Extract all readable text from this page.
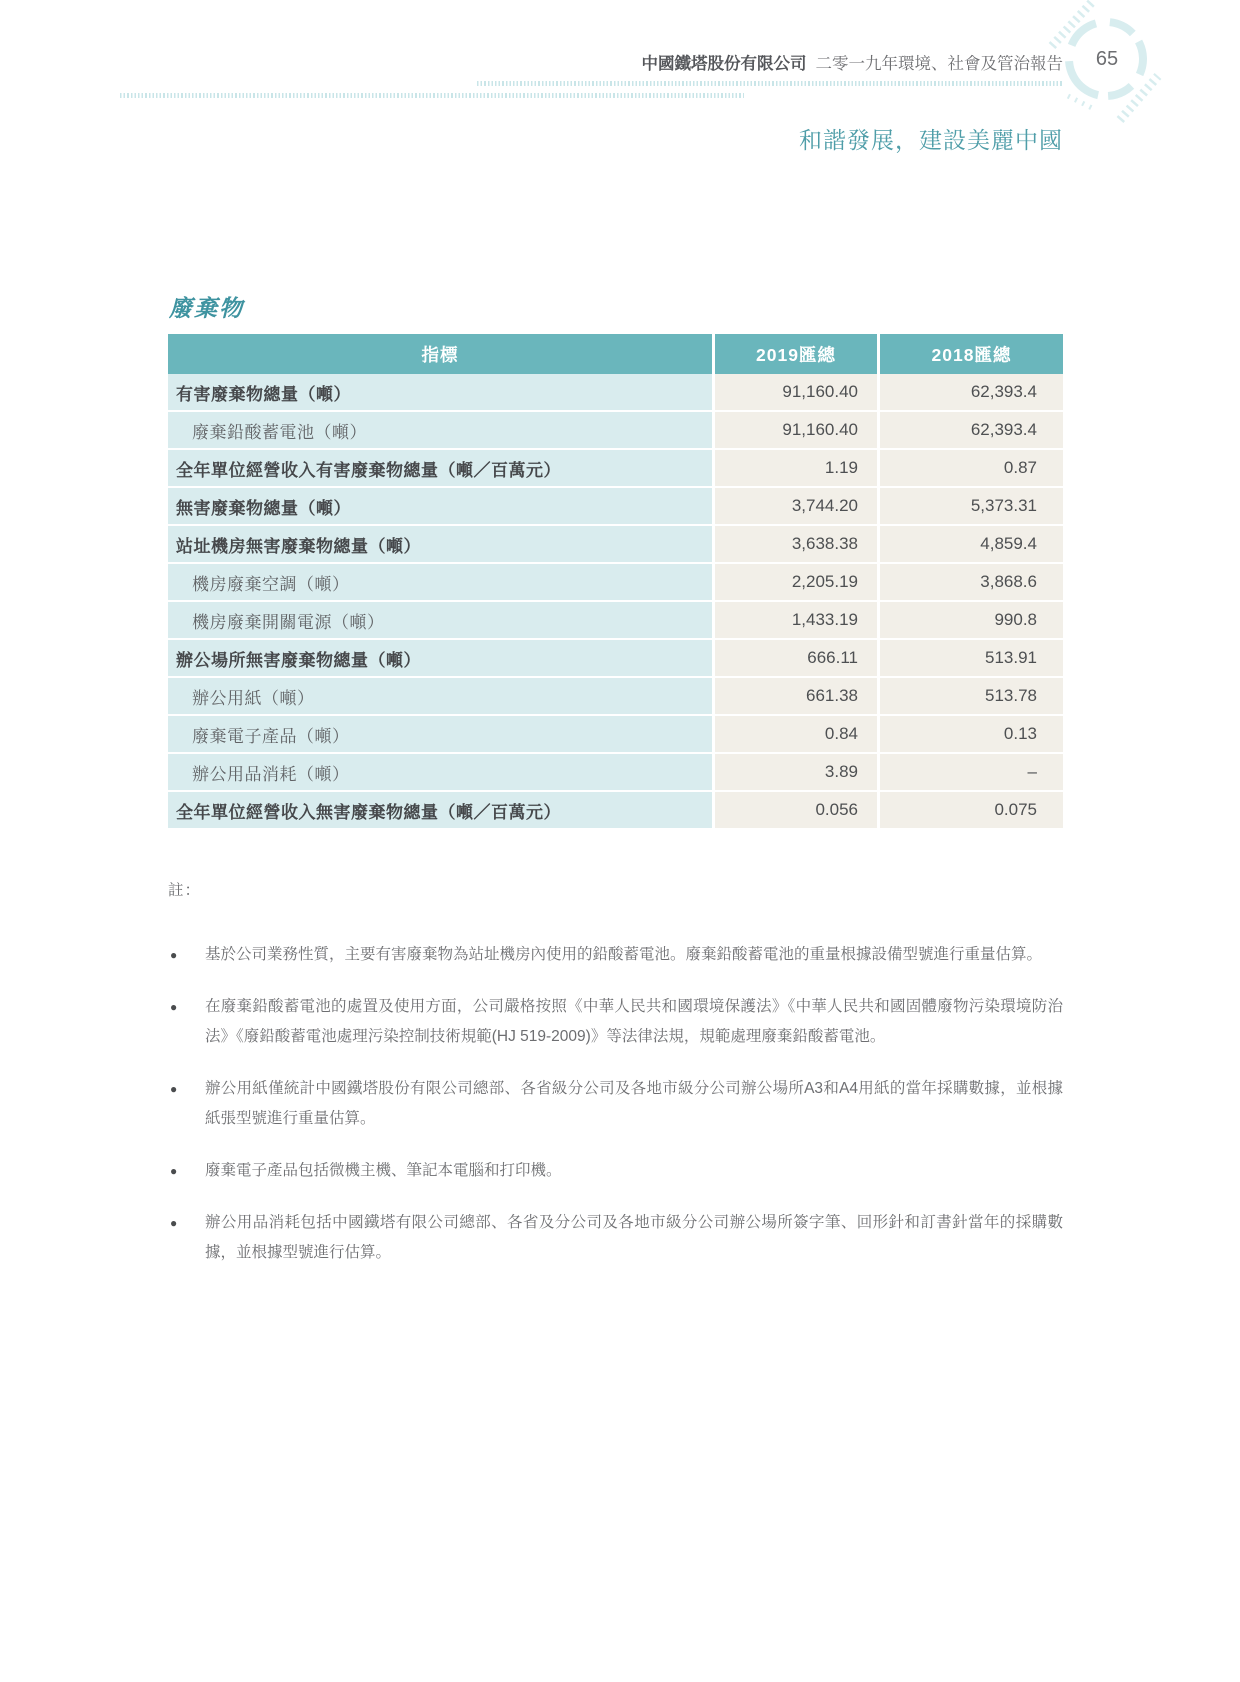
中國鐵塔股份有限公司 二零一九年環境、社會及管治報告	65
和諧發展，建設美麗中國
廢棄物
指標	2019匯總	2018匯總
有害廢棄物總量（噸）	91,160.40	62,393.4
廢棄鉛酸蓄電池（噸）	91,160.40	62,393.4
全年單位經營收入有害廢棄物總量（噸／百萬元）	1.19	0.87
無害廢棄物總量（噸）	3,744.20	5,373.31
站址機房無害廢棄物總量（噸）	3,638.38	4,859.4
機房廢棄空調（噸）	2,205.19	3,868.6
機房廢棄開關電源（噸）	1,433.19	990.8
辦公場所無害廢棄物總量（噸）	666.11	513.91
辦公用紙（噸）	661.38	513.78
廢棄電子產品（噸）	0.84	0.13
辦公用品消耗（噸）	3.89	–
全年單位經營收入無害廢棄物總量（噸／百萬元）	0.056	0.075
註：
● 基於公司業務性質，主要有害廢棄物為站址機房內使用的鉛酸蓄電池。廢棄鉛酸蓄電池的重量根據設備型號進行重量估算。
● 在廢棄鉛酸蓄電池的處置及使用方面，公司嚴格按照《中華人民共和國環境保護法》《中華人民共和國固體廢物污染環境防治法》《廢鉛酸蓄電池處理污染控制技術規範(HJ 519-2009)》等法律法規，規範處理廢棄鉛酸蓄電池。
● 辦公用紙僅統計中國鐵塔股份有限公司總部、各省級分公司及各地市級分公司辦公場所A3和A4用紙的當年採購數據，並根據紙張型號進行重量估算。
● 廢棄電子產品包括微機主機、筆記本電腦和打印機。
● 辦公用品消耗包括中國鐵塔有限公司總部、各省及分公司及各地市級分公司辦公場所簽字筆、回形針和訂書針當年的採購數據，並根據型號進行估算。
